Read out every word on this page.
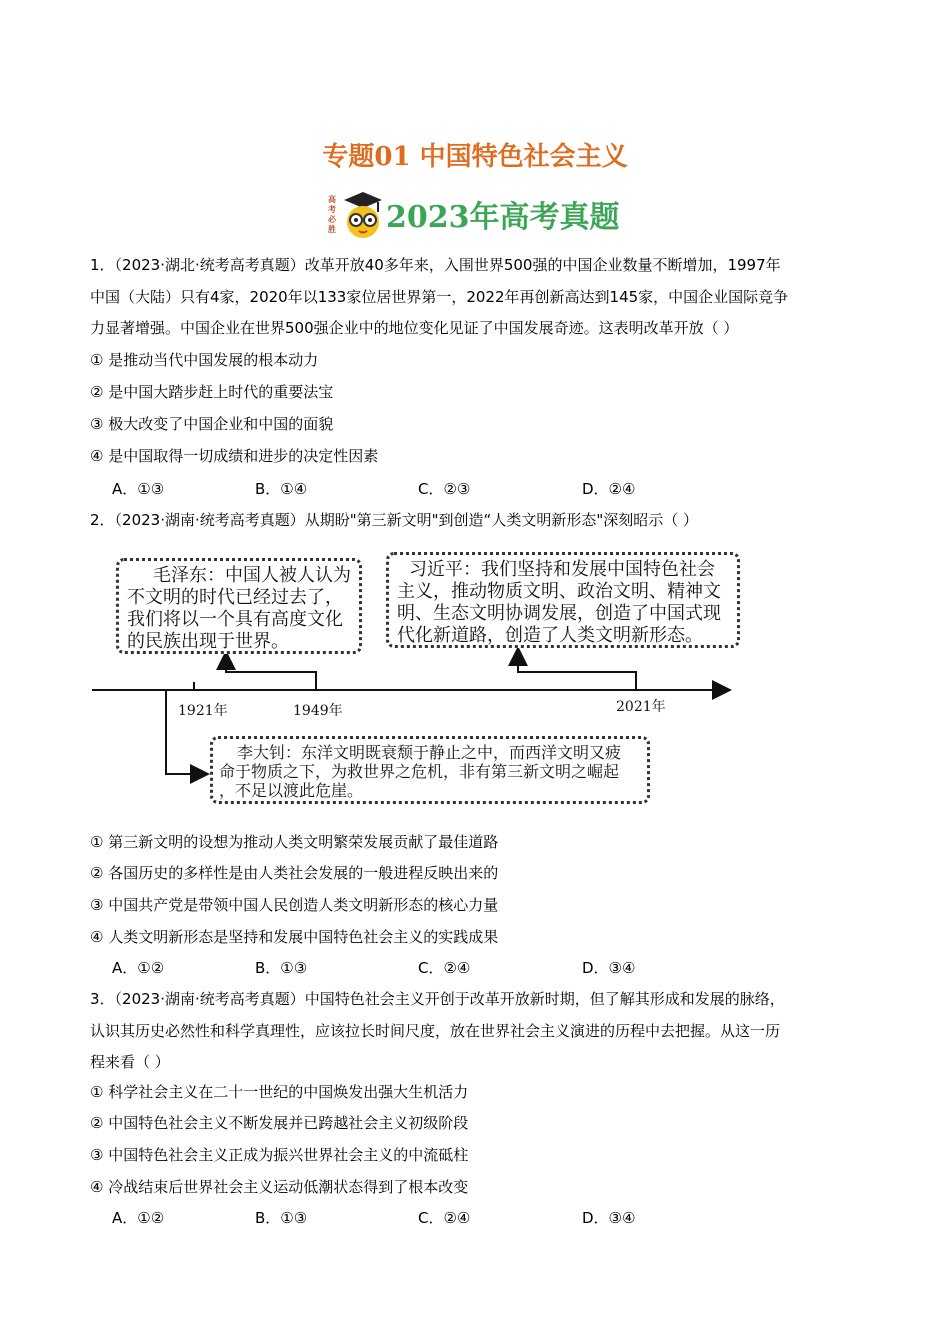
专题01 中国特色社会主义
高考必胜 2023年高考真题
1．（2023·湖北·统考高考真题）改革开放40多年来，入围世界500强的中国企业数量不断增加，1997年
中国（大陆）只有4家，2020年以133家位居世界第一，2022年再创新高达到145家，中国企业国际竞争
力显著增强。中国企业在世界500强企业中的地位变化见证了中国发展奇迹。这表明改革开放（ ）
① 是推动当代中国发展的根本动力
② 是中国大踏步赶上时代的重要法宝
③ 极大改变了中国企业和中国的面貌
④ 是中国取得一切成绩和进步的决定性因素
A．①③	B．①④	C．②③	D．②④
2．（2023·湖南·统考高考真题）从期盼"第三新文明"到创造“人类文明新形态"深刻昭示（ ）
毛泽东：中国人被人认为
不文明的时代已经过去了，
我们将以一个具有高度文化
的民族出现于世界。
习近平：我们坚持和发展中国特色社会
主义，推动物质文明、政治文明、精神文
明、生态文明协调发展，创造了中国式现
代化新道路，创造了人类文明新形态。
1921年	1949年	2021年
李大钊：东洋文明既衰颓于静止之中，而西洋文明又疲
命于物质之下，为救世界之危机，非有第三新文明之崛起
，不足以渡此危崖。
① 第三新文明的设想为推动人类文明繁荣发展贡献了最佳道路
② 各国历史的多样性是由人类社会发展的一般进程反映出来的
③ 中国共产党是带领中国人民创造人类文明新形态的核心力量
④ 人类文明新形态是坚持和发展中国特色社会主义的实践成果
A．①②	B．①③	C．②④	D．③④
3．（2023·湖南·统考高考真题）中国特色社会主义开创于改革开放新时期，但了解其形成和发展的脉络，
认识其历史必然性和科学真理性，应该拉长时间尺度，放在世界社会主义演进的历程中去把握。从这一历
程来看（ ）
① 科学社会主义在二十一世纪的中国焕发出强大生机活力
② 中国特色社会主义不断发展并已跨越社会主义初级阶段
③ 中国特色社会主义正成为振兴世界社会主义的中流砥柱
④ 冷战结束后世界社会主义运动低潮状态得到了根本改变
A．①②	B．①③	C．②④	D．③④
